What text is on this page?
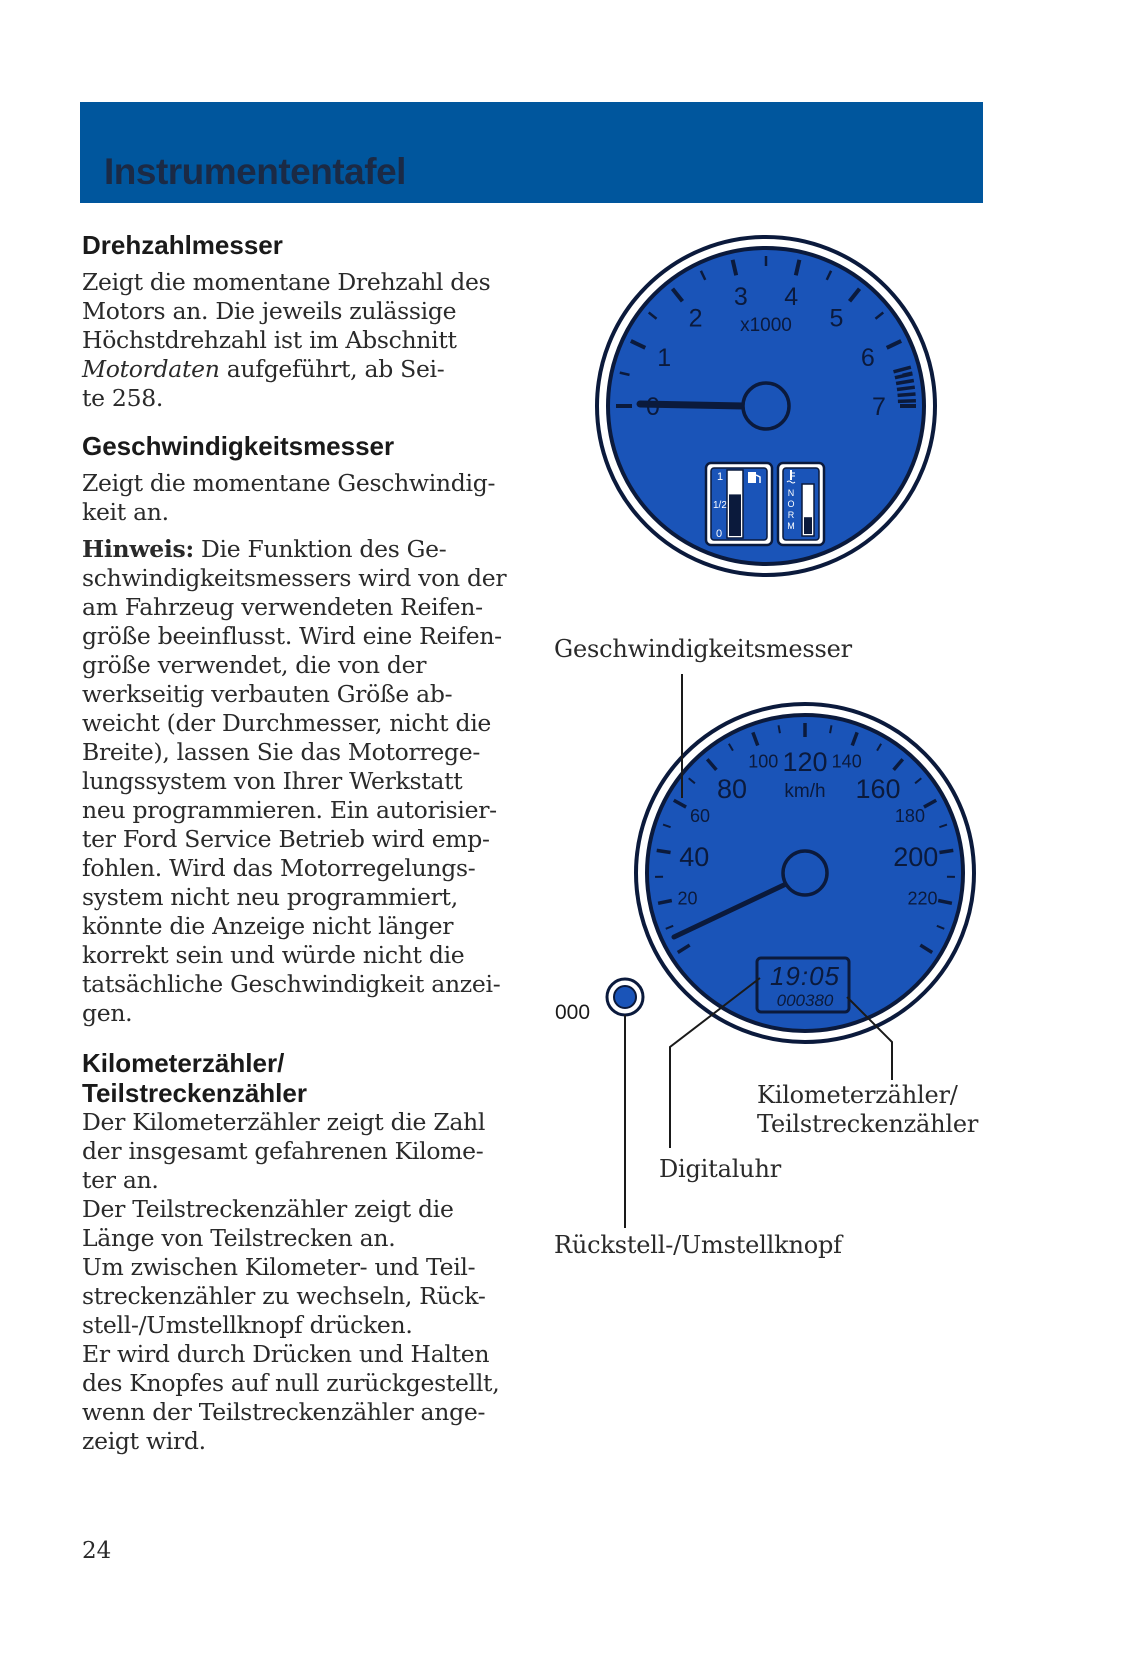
Instrumententafel
Drehzahlmesser

Zeigt die momentane Drehzahl des
Motors an. Die jeweils zulässige
Höchstdrehzahl ist im Abschnitt
Motordaten aufgeführt, ab Sei-
te 258.

Geschwindigkeitsmesser

Zeigt die momentane Geschwindig-
keit an.

Hinweis: Die Funktion des Ge-
schwindigkeitsmessers wird von der
am Fahrzeug verwendeten Reifen-
größe beeinflusst. Wird eine Reifen-
größe verwendet, die von der
werkseitig verbauten Größe ab-
weicht (der Durchmesser, nicht die
Breite), lassen Sie das Motorrege-
lungssystem von Ihrer Werkstatt
neu programmieren. Ein autorisier-
ter Ford Service Betrieb wird emp-
fohlen. Wird das Motorregelungs-
system nicht neu programmiert,
könnte die Anzeige nicht länger
korrekt sein und würde nicht die
tatsächliche Geschwindigkeit anzei-
gen.

Kilometerzähler/
Teilstreckenzähler

Der Kilometerzähler zeigt die Zahl
der insgesamt gefahrenen Kilome-
ter an.

Der Teilstreckenzähler zeigt die
Länge von Teilstrecken an.

Um zwischen Kilometer- und Teil-
streckenzähler zu wechseln, Rück-
stell-/Umstellknopf drücken.

Er wird durch Drücken und Halten
des Knopfes auf null zurückgestellt,
wenn der Teilstreckenzähler ange-
zeigt wird.

1
2
3 4
5
6
7
x1000
1
1/2
0
N
O
R
M
40
80
120
160
200
20
60
100	140
180
220
km/h
19:05
000380
000
Geschwindigkeitsmesser
Kilometerzähler/
Teilstreckenzähler
Digitaluhr
Rückstell-/Umstellknopf
24
